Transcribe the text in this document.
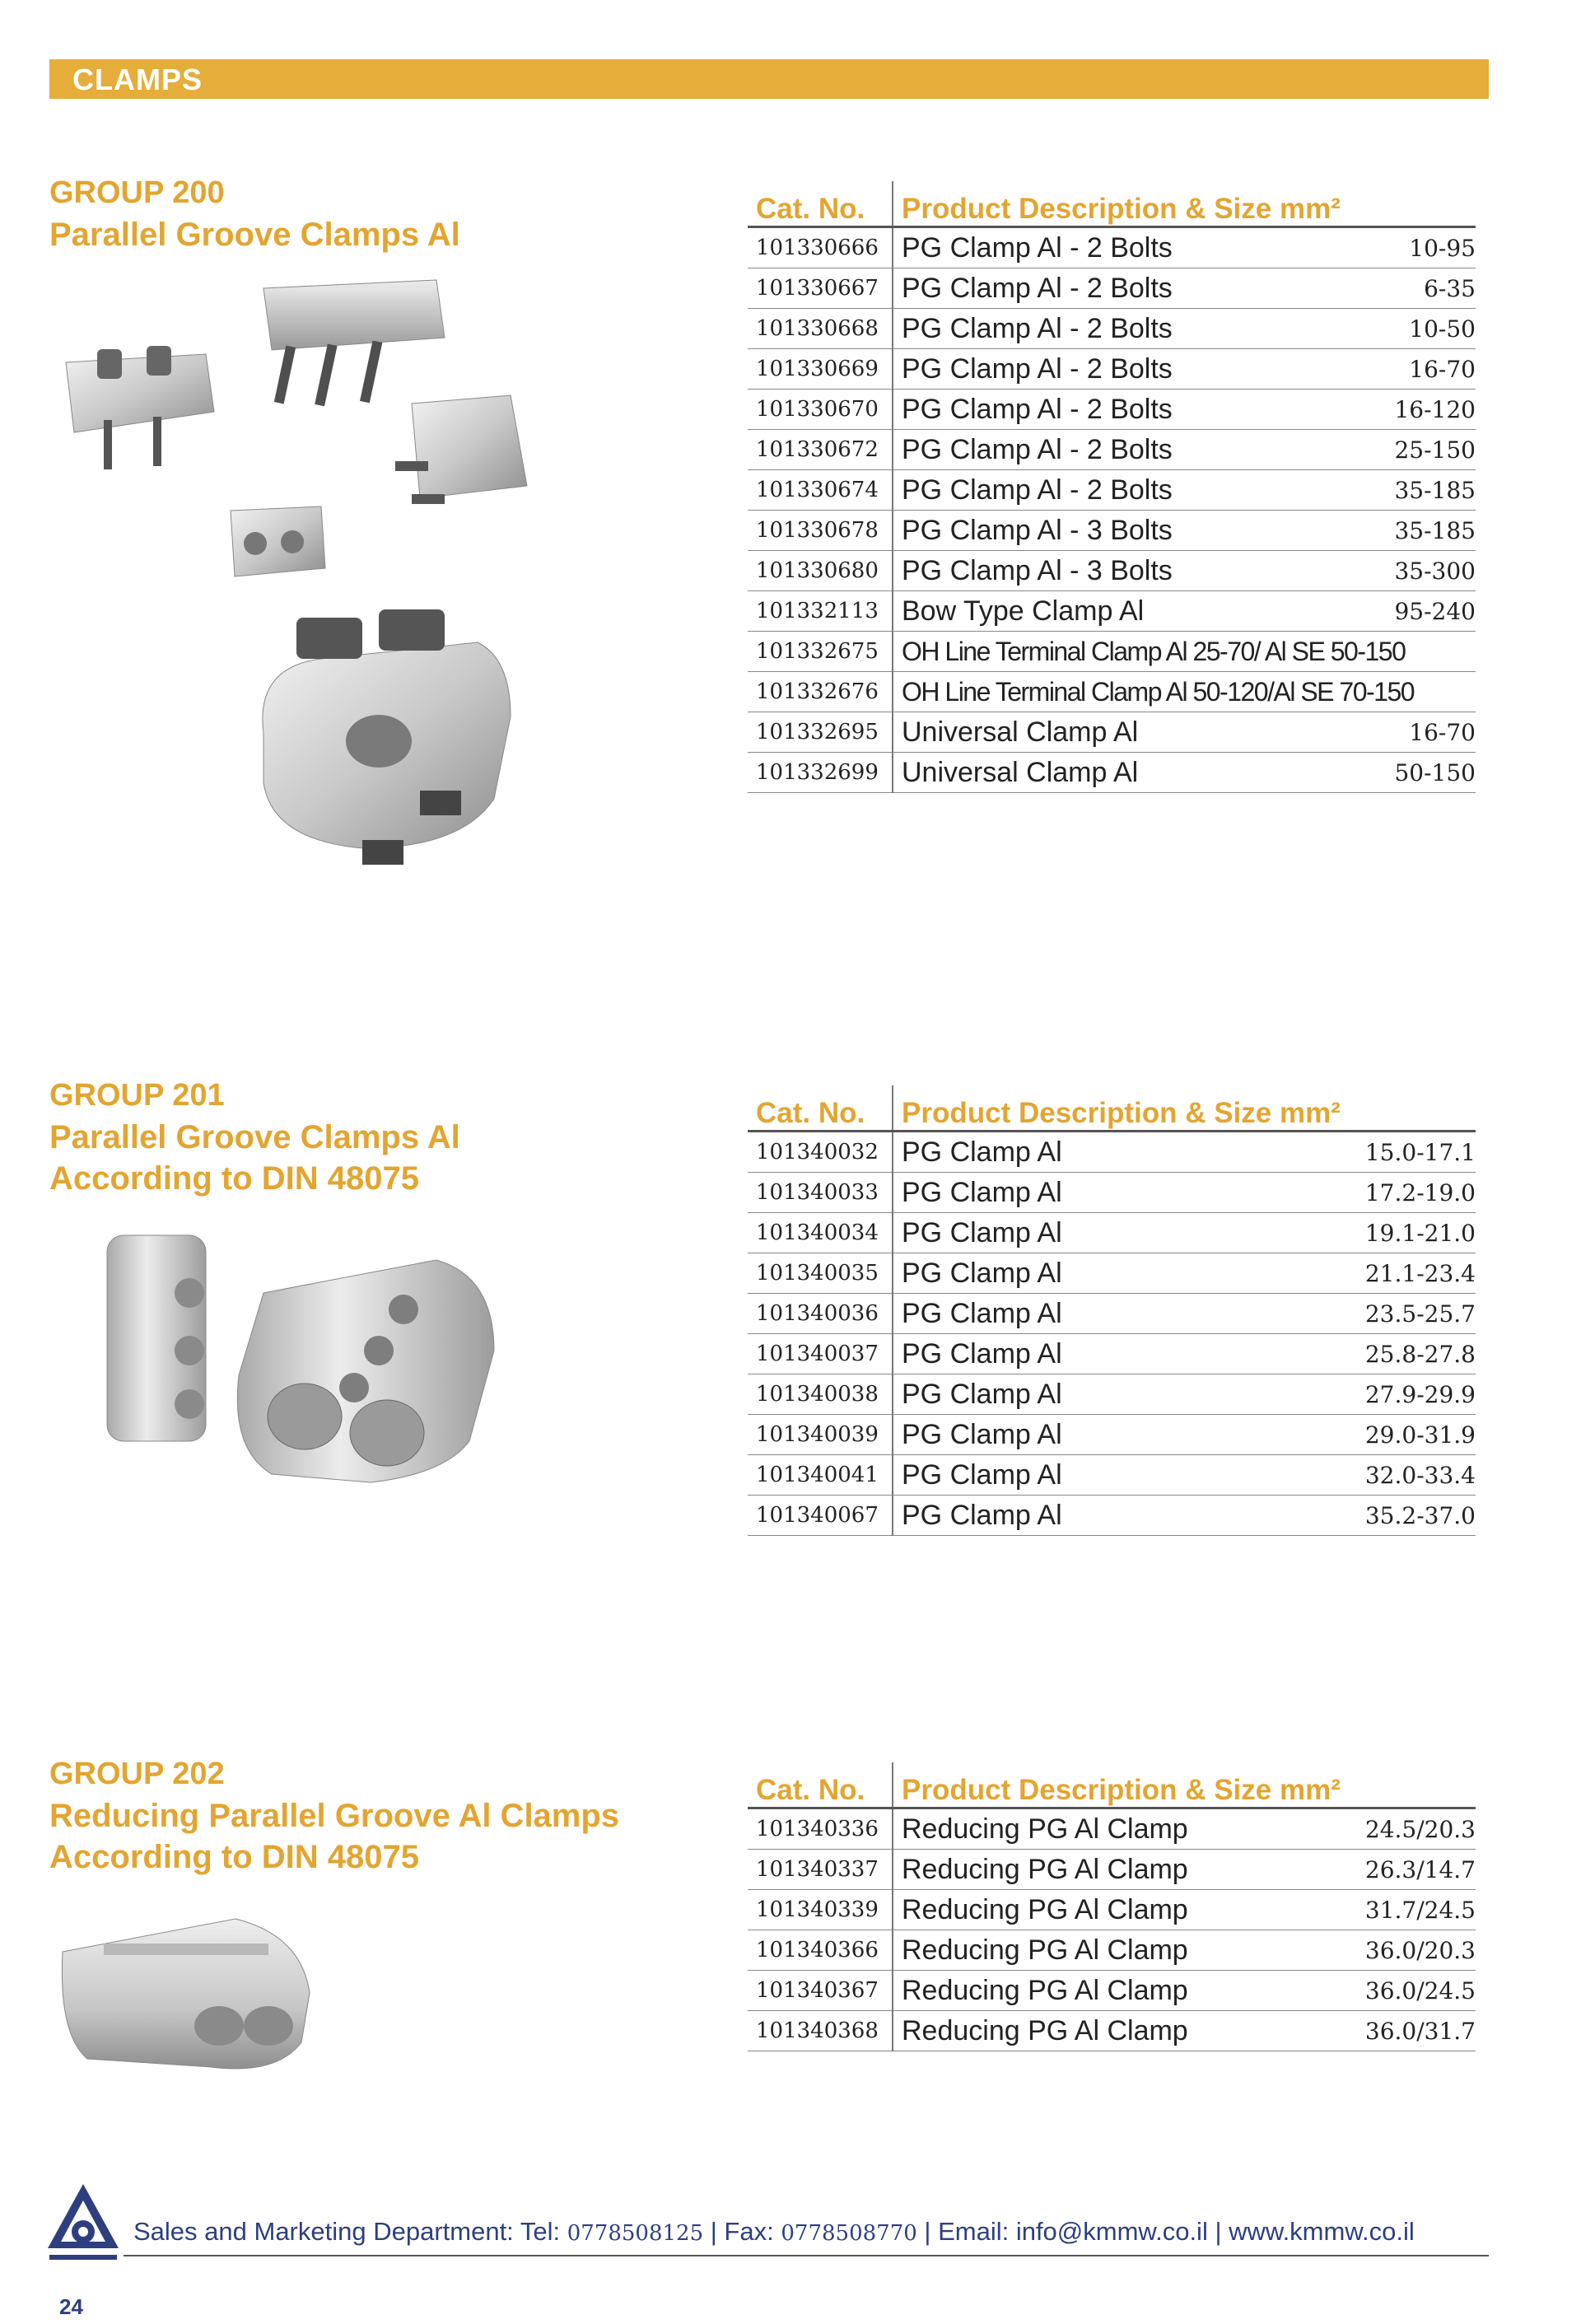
CLAMPS
GROUP 200
Parallel Groove Clamps Al
Cat. No.	Product Description & Size mm²	
101330666	PG Clamp Al - 2 Bolts	10-95
101330667	PG Clamp Al - 2 Bolts	6-35
101330668	PG Clamp Al - 2 Bolts	10-50
101330669	PG Clamp Al - 2 Bolts	16-70
101330670	PG Clamp Al - 2 Bolts	16-120
101330672	PG Clamp Al - 2 Bolts	25-150
101330674	PG Clamp Al - 2 Bolts	35-185
101330678	PG Clamp Al - 3 Bolts	35-185
101330680	PG Clamp Al - 3 Bolts	35-300
101332113	Bow Type Clamp Al	95-240
101332675	OH Line Terminal Clamp Al 25-70/ Al SE 50-150	
101332676	OH Line Terminal Clamp Al 50-120/Al SE 70-150	
101332695	Universal Clamp Al	16-70
101332699	Universal Clamp Al	50-150
GROUP 201
Parallel Groove Clamps Al
According to DIN 48075
Cat. No.	Product Description & Size mm²	
101340032	PG Clamp Al	15.0-17.1
101340033	PG Clamp Al	17.2-19.0
101340034	PG Clamp Al	19.1-21.0
101340035	PG Clamp Al	21.1-23.4
101340036	PG Clamp Al	23.5-25.7
101340037	PG Clamp Al	25.8-27.8
101340038	PG Clamp Al	27.9-29.9
101340039	PG Clamp Al	29.0-31.9
101340041	PG Clamp Al	32.0-33.4
101340067	PG Clamp Al	35.2-37.0
GROUP 202
Reducing Parallel Groove Al Clamps
According to DIN 48075
Cat. No.	Product Description & Size mm²	
101340336	Reducing PG Al Clamp	24.5/20.3
101340337	Reducing PG Al Clamp	26.3/14.7
101340339	Reducing PG Al Clamp	31.7/24.5
101340366	Reducing PG Al Clamp	36.0/20.3
101340367	Reducing PG Al Clamp	36.0/24.5
101340368	Reducing PG Al Clamp	36.0/31.7
Sales and Marketing Department: Tel: 0778508125 | Fax: 0778508770 | Email: info@kmmw.co.il | www.kmmw.co.il
24
